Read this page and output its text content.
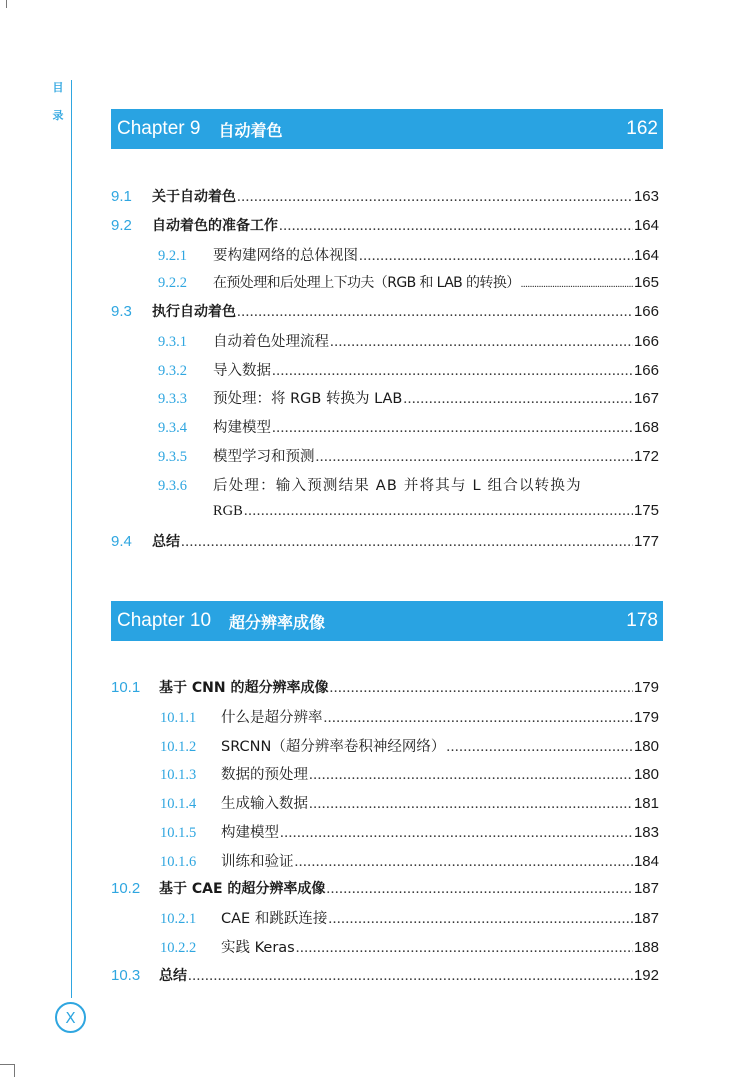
目
录
X
Chapter 9 自动着色	162
9.1	关于自动着色 .....	163
9.2	自动着色的准备工作 .....	164
9.2.1	要构建网络的总体视图 .....	164
9.2.2	在预处理和后处理上下功夫（RGB 和 LAB 的转换） .....	165
9.3	执行自动着色 .....	166
9.3.1	自动着色处理流程 .....	166
9.3.2	导入数据 .....	166
9.3.3	预处理：将 RGB 转换为 LAB .....	167
9.3.4	构建模型 .....	168
9.3.5	模型学习和预测 .....	172
9.3.6	后处理：输入预测结果 AB 并将其与 L 组合以转换为
RGB .....	175
9.4	总结 .....	177
Chapter 10 超分辨率成像	178
10.1	基于 CNN 的超分辨率成像 .....	179
10.1.1	什么是超分辨率 .....	179
10.1.2	SRCNN（超分辨率卷积神经网络） .....	180
10.1.3	数据的预处理 .....	180
10.1.4	生成输入数据 .....	181
10.1.5	构建模型 .....	183
10.1.6	训练和验证 .....	184
10.2	基于 CAE 的超分辨率成像 .....	187
10.2.1	CAE 和跳跃连接 .....	187
10.2.2	实践 Keras .....	188
10.3	总结 .....	192
